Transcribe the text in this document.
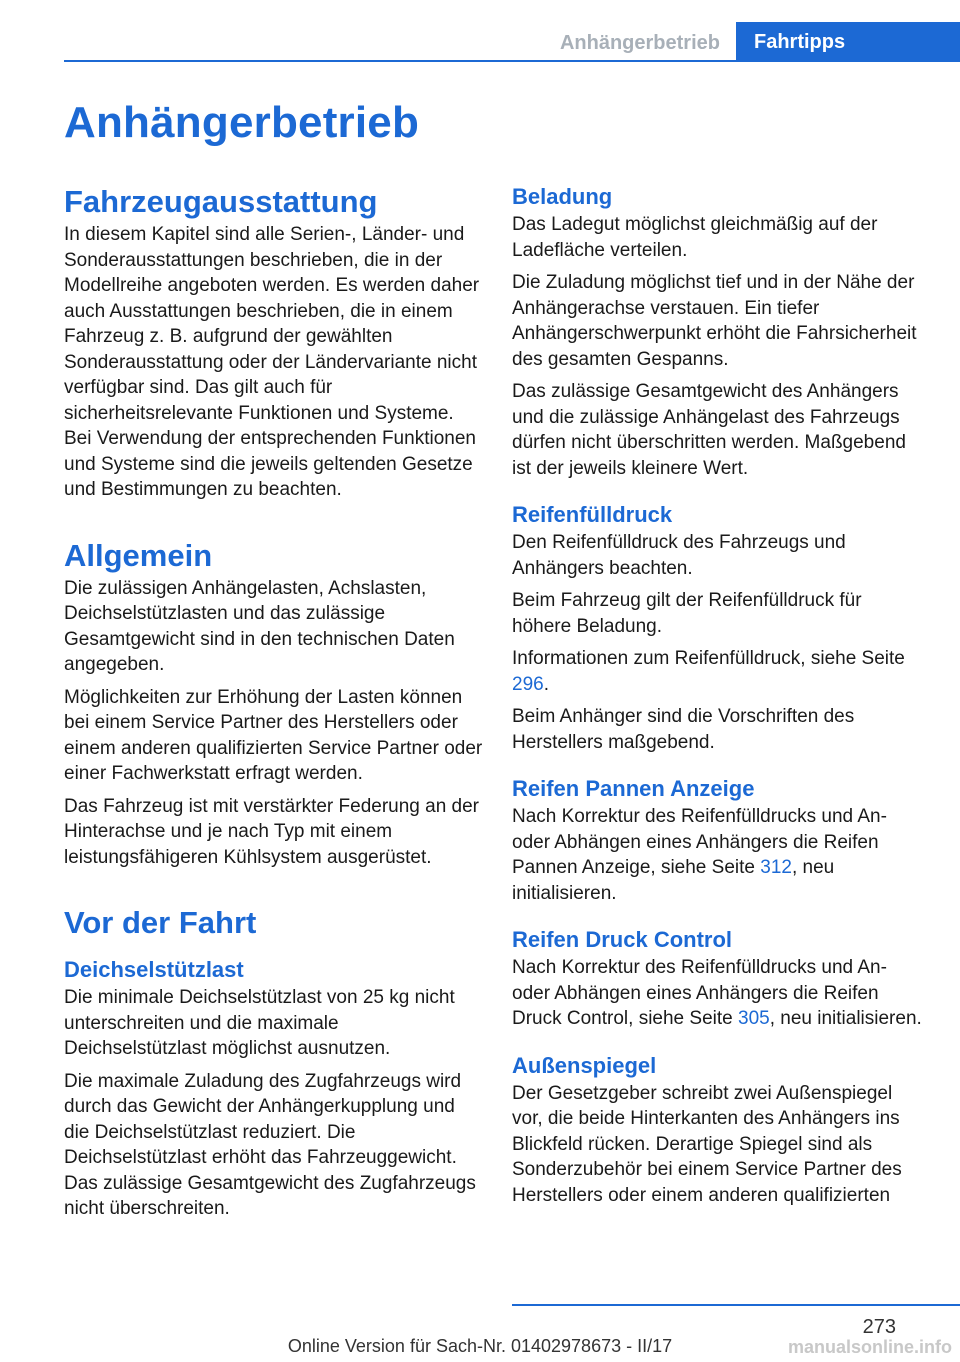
Anhängerbetrieb	Fahrtipps
Anhängerbetrieb
Fahrzeugausstattung

In diesem Kapitel sind alle Serien-, Länder- und Sonderausstattungen beschrieben, die in der Modellreihe angeboten werden. Es werden daher auch Ausstattungen beschrieben, die in einem Fahrzeug z. B. aufgrund der gewählten Sonderausstattung oder der Ländervariante nicht verfügbar sind. Das gilt auch für sicherheitsrelevante Funktionen und Systeme. Bei Verwendung der entsprechenden Funktionen und Systeme sind die jeweils geltenden Gesetze und Bestimmungen zu beachten.

Allgemein

Die zulässigen Anhängelasten, Achslasten, Deichselstützlasten und das zulässige Gesamtgewicht sind in den technischen Daten angegeben.

Möglichkeiten zur Erhöhung der Lasten können bei einem Service Partner des Herstellers oder einem anderen qualifizierten Service Partner oder einer Fachwerkstatt erfragt werden.

Das Fahrzeug ist mit verstärkter Federung an der Hinterachse und je nach Typ mit einem leistungsfähigeren Kühlsystem ausgerüstet.

Vor der Fahrt
Deichselstützlast

Die minimale Deichselstützlast von 25 kg nicht unterschreiten und die maximale Deichselstützlast möglichst ausnutzen.

Die maximale Zuladung des Zugfahrzeugs wird durch das Gewicht der Anhängerkupplung und die Deichselstützlast reduziert. Die Deichselstützlast erhöht das Fahrzeuggewicht. Das zulässige Gesamtgewicht des Zugfahrzeugs nicht überschreiten.

Beladung

Das Ladegut möglichst gleichmäßig auf der Ladefläche verteilen.

Die Zuladung möglichst tief und in der Nähe der Anhängerachse verstauen. Ein tiefer Anhängerschwerpunkt erhöht die Fahrsicherheit des gesamten Gespanns.

Das zulässige Gesamtgewicht des Anhängers und die zulässige Anhängelast des Fahrzeugs dürfen nicht überschritten werden. Maßgebend ist der jeweils kleinere Wert.

Reifenfülldruck

Den Reifenfülldruck des Fahrzeugs und Anhängers beachten.

Beim Fahrzeug gilt der Reifenfülldruck für höhere Beladung.

Informationen zum Reifenfülldruck, siehe Seite 296.

Beim Anhänger sind die Vorschriften des Herstellers maßgebend.

Reifen Pannen Anzeige

Nach Korrektur des Reifenfülldrucks und An- oder Abhängen eines Anhängers die Reifen Pannen Anzeige, siehe Seite 312, neu initialisieren.

Reifen Druck Control

Nach Korrektur des Reifenfülldrucks und An- oder Abhängen eines Anhängers die Reifen Druck Control, siehe Seite 305, neu initialisieren.

Außenspiegel

Der Gesetzgeber schreibt zwei Außenspiegel vor, die beide Hinterkanten des Anhängers ins Blickfeld rücken. Derartige Spiegel sind als Sonderzubehör bei einem Service Partner des Herstellers oder einem anderen qualifizierten

273
Online Version für Sach-Nr. 01402978673 - II/17	manualsonline.info
